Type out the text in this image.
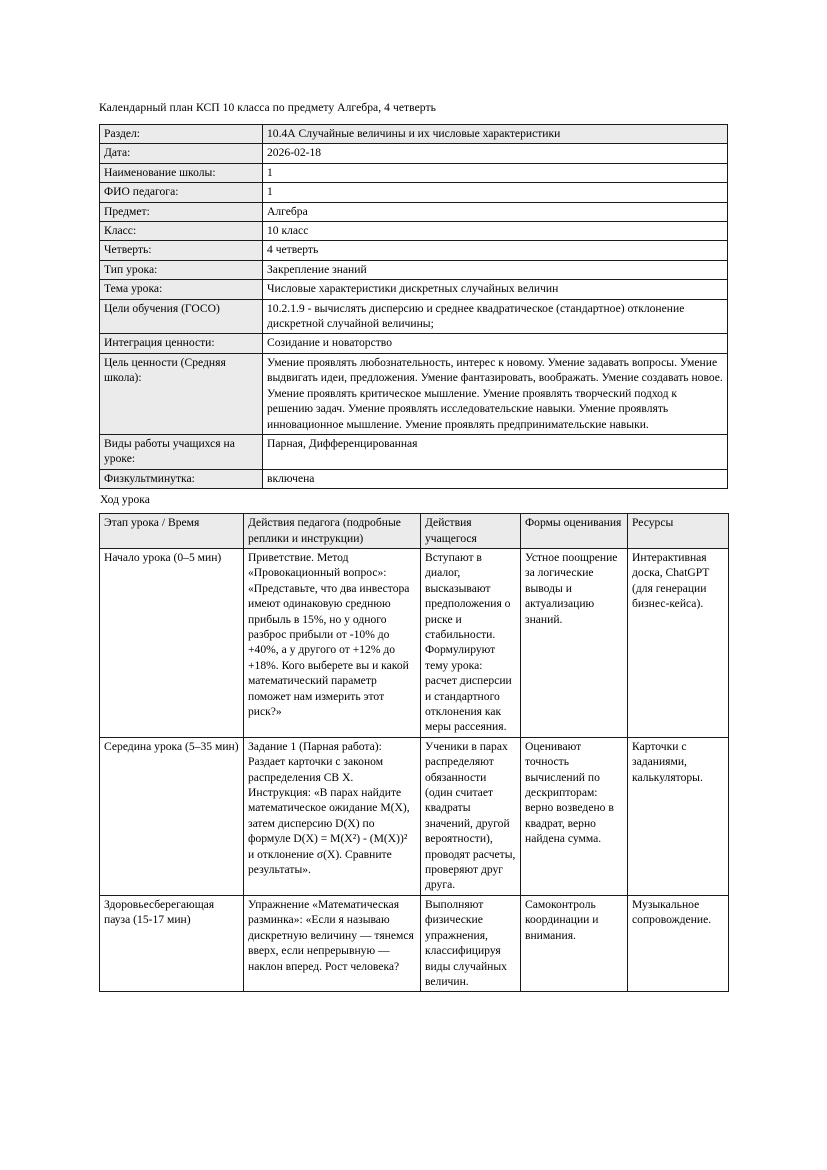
Календарный план КСП 10 класса по предмету Алгебра, 4 четверть

Раздел:	10.4А Случайные величины и их числовые характеристики
Дата:	2026-02-18
Наименование школы:	1
ФИО педагога:	1
Предмет:	Алгебра
Класс:	10 класс
Четверть:	4 четверть
Тип урока:	Закрепление знаний
Тема урока:	Числовые характеристики дискретных случайных величин
Цели обучения (ГОСО)	10.2.1.9 - вычислять дисперсию и среднее квадратическое (стандартное) отклонение дискретной случайной величины;
Интеграция ценности:	Созидание и новаторство
Цель ценности (Средняя школа):	Умение проявлять любознательность, интерес к новому. Умение задавать вопросы. Умение выдвигать идеи, предложения. Умение фантазировать, воображать. Умение создавать новое. Умение проявлять критическое мышление. Умение проявлять творческий подход к решению задач. Умение проявлять исследовательские навыки. Умение проявлять инновационное мышление. Умение проявлять предпринимательские навыки.
Виды работы учащихся на уроке:	Парная, Дифференцированная
Физкультминутка:	включена

Ход урока

Этап урока / Время	Действия педагога (подробные реплики и инструкции)	Действия учащегося	Формы оценивания	Ресурсы
Начало урока (0–5 мин)	Приветствие. Метод «Провокационный вопрос»: «Представьте, что два инвестора имеют одинаковую среднюю прибыль в 15%, но у одного разброс прибыли от -10% до +40%, а у другого от +12% до +18%. Кого выберете вы и какой математический параметр поможет нам измерить этот риск?»	Вступают в диалог, высказывают предположения о риске и стабильности. Формулируют тему урока: расчет дисперсии и стандартного отклонения как меры рассеяния.	Устное поощрение за логические выводы и актуализацию знаний.	Интерактивная доска, ChatGPT (для генерации бизнес-кейса).
Середина урока (5–35 мин)	Задание 1 (Парная работа): Раздает карточки с законом распределения СВ X. Инструкция: «В парах найдите математическое ожидание M(X), затем дисперсию D(X) по формуле D(X) = M(X²) - (M(X))² и отклонение σ(X). Сравните результаты».	Ученики в парах распределяют обязанности (один считает квадраты значений, другой вероятности), проводят расчеты, проверяют друг друга.	Оценивают точность вычислений по дескрипторам: верно возведено в квадрат, верно найдена сумма.	Карточки с заданиями, калькуляторы.
Здоровьесберегающая пауза (15-17 мин)	Упражнение «Математическая разминка»: «Если я называю дискретную величину — тянемся вверх, если непрерывную — наклон вперед. Рост человека?	Выполняют физические упражнения, классифицируя виды случайных величин.	Самоконтроль координации и внимания.	Музыкальное сопровождение.
